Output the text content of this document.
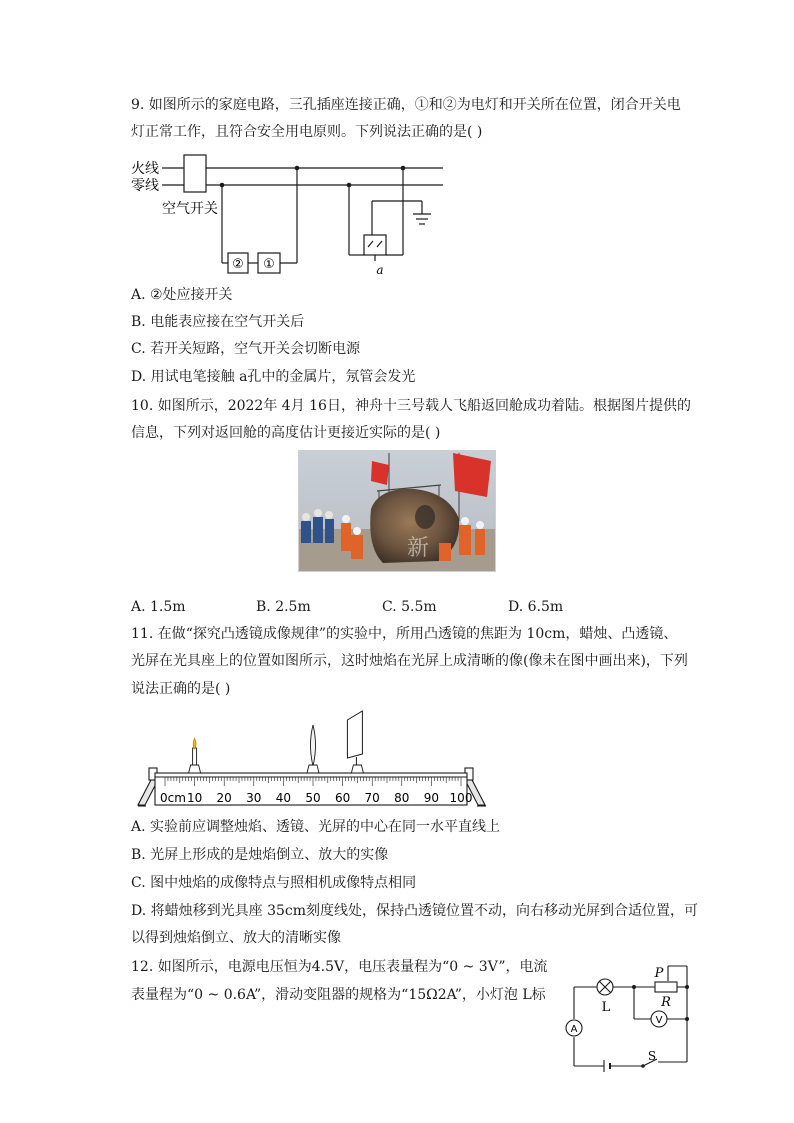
9. 如图所示的家庭电路，三孔插座连接正确，①和②为电灯和开关所在位置，闭合开关电
灯正常工作，且符合安全用电原则。下列说法正确的是( )
火线
零线
空气开关
② ①	a
A. ②处应接开关
B. 电能表应接在空气开关后
C. 若开关短路，空气开关会切断电源
D. 用试电笔接触 a孔中的金属片，氖管会发光
10. 如图所示，2022年 4月 16日，神舟十三号载人飞船返回舱成功着陆。根据图片提供的
信息，下列对返回舱的高度估计更接近实际的是( )
新
A. 1.5m	B. 2.5m	C. 5.5m	D. 6.5m
11. 在做“探究凸透镜成像规律”的实验中，所用凸透镜的焦距为 10cm，蜡烛、凸透镜、
光屏在光具座上的位置如图所示，这时烛焰在光屏上成清晰的像(像未在图中画出来)，下列
说法正确的是( )
0cm 10 20 30 40 50 60 70 80 90 100
A. 实验前应调整烛焰、透镜、光屏的中心在同一水平直线上
B. 光屏上形成的是烛焰倒立、放大的实像
C. 图中烛焰的成像特点与照相机成像特点相同
D. 将蜡烛移到光具座 35cm刻度线处，保持凸透镜位置不动，向右移动光屏到合适位置，可
以得到烛焰倒立、放大的清晰实像
12. 如图所示，电源电压恒为4.5V，电压表量程为“0 ~ 3V”，电流
表量程为“0 ~ 0.6A”，滑动变阻器的规格为“15Ω2A”，小灯泡 L标
L
P
R
V
A
S
